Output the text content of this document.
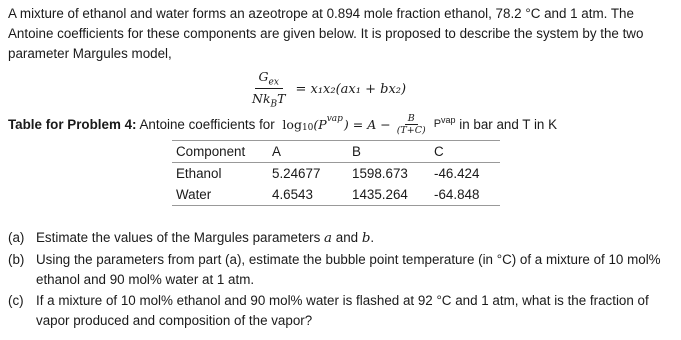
A mixture of ethanol and water forms an azeotrope at 0.894 mole fraction ethanol, 78.2 °C and 1 atm. The Antoine coefficients for these components are given below. It is proposed to describe the system by the two parameter Margules model,

$\frac{G_{ex}}{Nk_BT} = x_1x_2(ax_1 + bx_2)$
Table for Problem 4: Antoine coefficients for log 10 (P vap ) = $A - \frac{B}{(T+C)}$ P vap in bar and T in K
Component	A	B	C
Ethanol	5.24677	1598.673	-46.424
Water	4.6543	1435.264	-64.848
(a) Estimate the values of the Margules parameters a and b.
(b) Using the parameters from part (a), estimate the bubble point temperature (in °C) of a mixture of 10 mol% ethanol and 90 mol% water at 1 atm.
(c) If a mixture of 10 mol% ethanol and 90 mol% water is flashed at 92 °C and 1 atm, what is the fraction of vapor produced and composition of the vapor?
